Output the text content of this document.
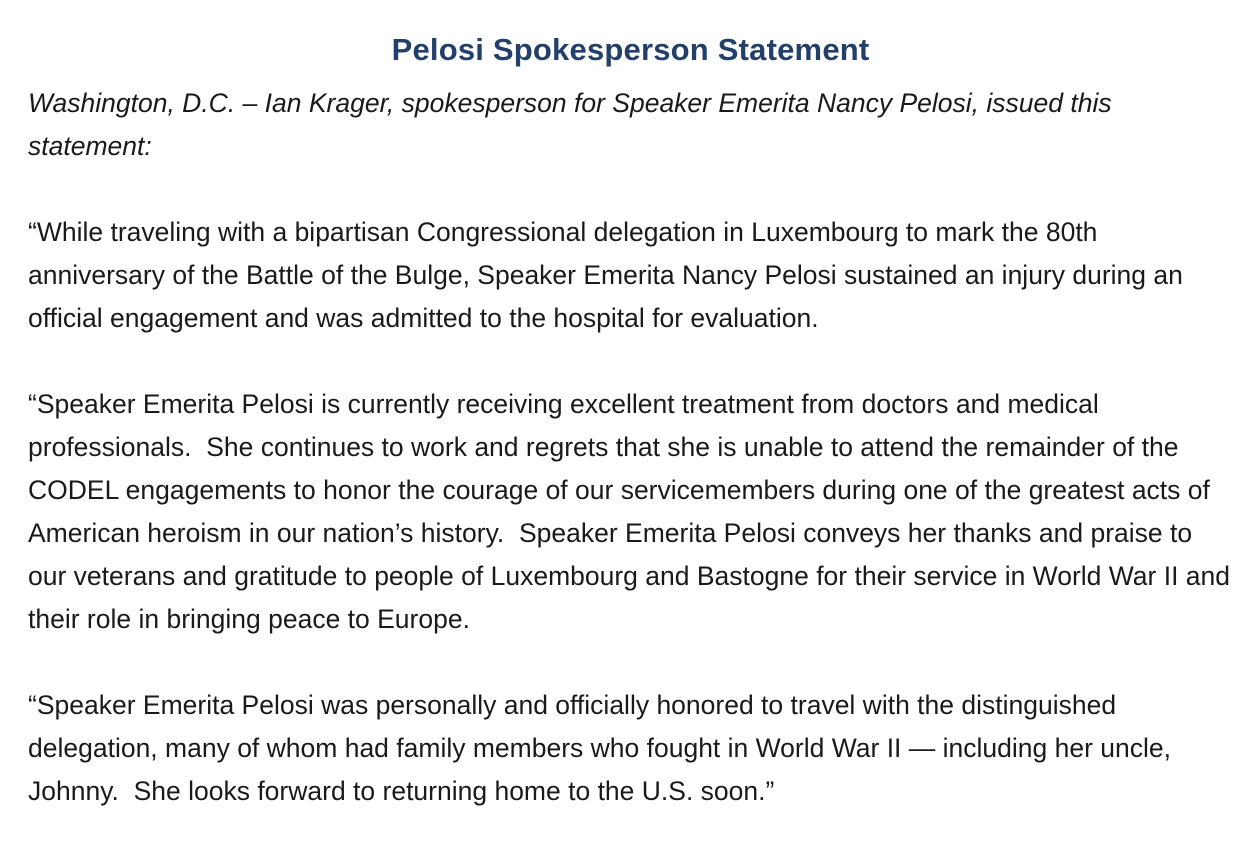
Pelosi Spokesperson Statement

Washington, D.C. – Ian Krager, spokesperson for Speaker Emerita Nancy Pelosi, issued this statement:

“While traveling with a bipartisan Congressional delegation in Luxembourg to mark the 80th anniversary of the Battle of the Bulge, Speaker Emerita Nancy Pelosi sustained an injury during an official engagement and was admitted to the hospital for evaluation.

“Speaker Emerita Pelosi is currently receiving excellent treatment from doctors and medical professionals.  She continues to work and regrets that she is unable to attend the remainder of the CODEL engagements to honor the courage of our servicemembers during one of the greatest acts of American heroism in our nation’s history.  Speaker Emerita Pelosi conveys her thanks and praise to our veterans and gratitude to people of Luxembourg and Bastogne for their service in World War II and their role in bringing peace to Europe.

“Speaker Emerita Pelosi was personally and officially honored to travel with the distinguished delegation, many of whom had family members who fought in World War II — including her uncle, Johnny.  She looks forward to returning home to the U.S. soon.”
